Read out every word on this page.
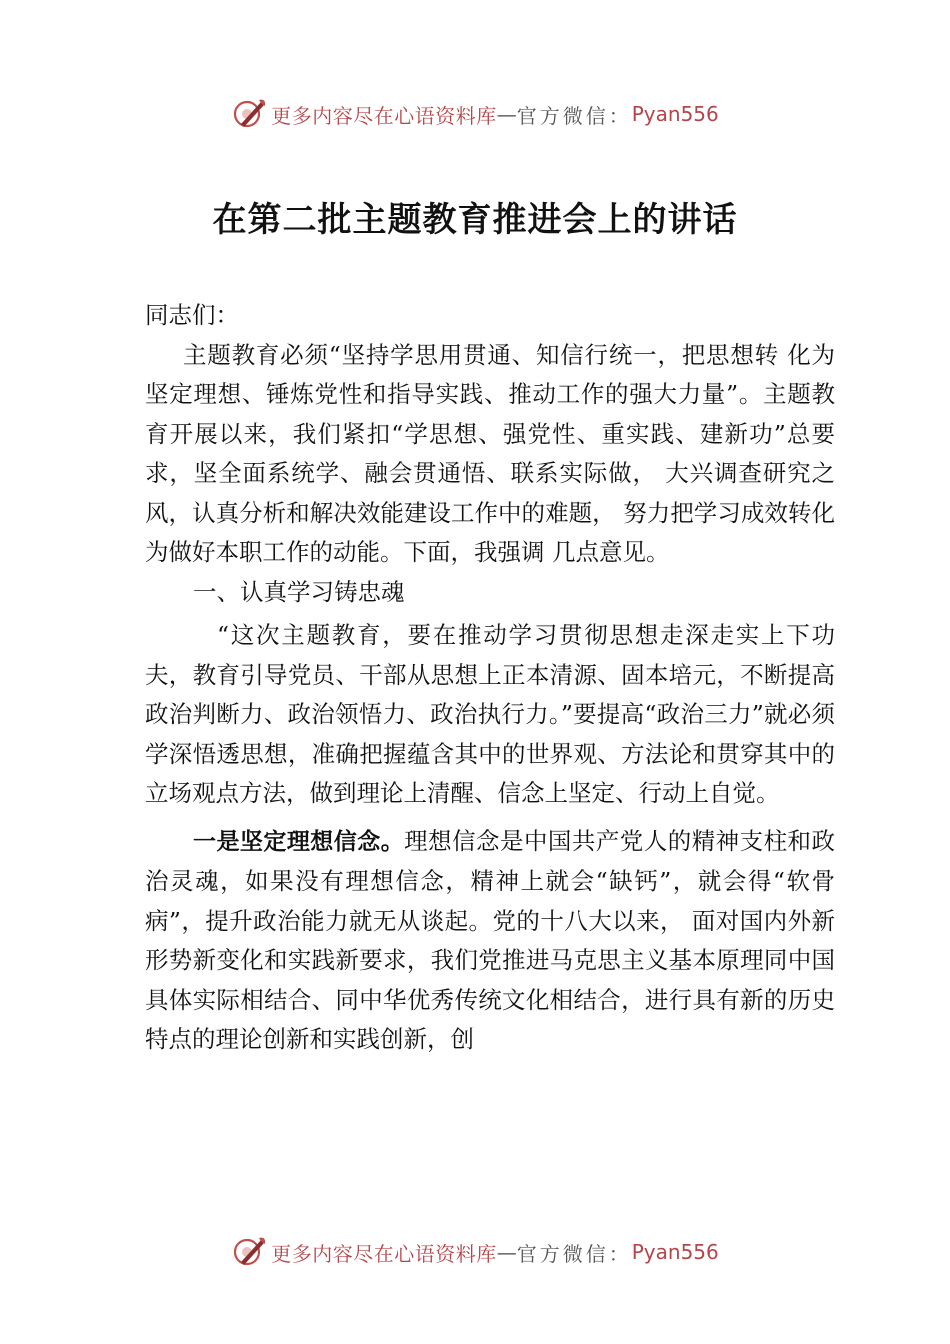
更多内容尽在心语资料库 — 官方微信： Pyan556
在第二批主题教育推进会上的讲话

同志们：

主题教育必须“坚持学思用贯通、知信行统一，把思想转 化为坚定理想、锤炼党性和指导实践、推动工作的强大力量”。主题教育开展以来，我们紧扣“学思想、强党性、重实践、建新功”总要求，坚全面系统学、融会贯通悟、联系实际做， 大兴调查研究之风，认真分析和解决效能建设工作中的难题， 努力把学习成效转化为做好本职工作的动能。下面，我强调 几点意见。

一、认真学习铸忠魂

“这次主题教育，要在推动学习贯彻思想走深走实上下功夫，教育引导党员、干部从思想上正本清源、固本培元，不断提高政治判断力、政治领悟力、政治执行力。”要提高“政治三力”就必须学深悟透思想，准确把握蕴含其中的世界观、方法论和贯穿其中的立场观点方法，做到理论上清醒、信念上坚定、行动上自觉。

一是坚定理想信念。理想信念是中国共产党人的精神支柱和政治灵魂，如果没有理想信念，精神上就会“缺钙”，就会得“软骨病”，提升政治能力就无从谈起。党的十八大以来， 面对国内外新形势新变化和实践新要求，我们党推进马克思主义基本原理同中国具体实际相结合、同中华优秀传统文化相结合，进行具有新的历史特点的理论创新和实践创新，创

更多内容尽在心语资料库 — 官方微信： Pyan556
